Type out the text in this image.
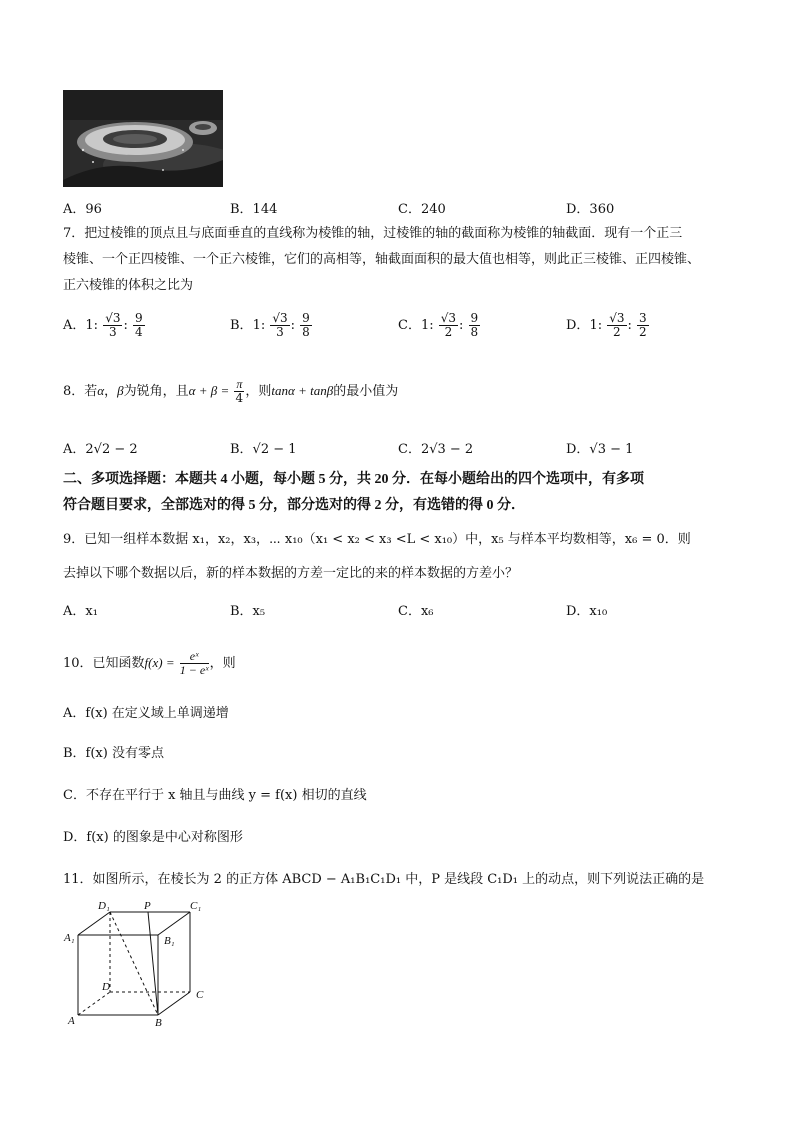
A．96	B．144	C．240	D．360
7．把过棱锥的顶点且与底面垂直的直线称为棱锥的轴，过棱锥的轴的截面称为棱锥的轴截面．现有一个正三
棱锥、一个正四棱锥、一个正六棱锥，它们的高相等，轴截面面积的最大值也相等，则此正三棱锥、正四棱锥、
正六棱锥的体积之比为
A．1: $\frac{√3}{3}$ : $\frac{9}{4}$	B．1: $\frac{√3}{3}$ : $\frac{9}{8}$	C．1: $\frac{√3}{2}$ : $\frac{9}{8}$	D．1: $\frac{√3}{2}$ : $\frac{3}{2}$
8．若α，β为锐角，且$\alpha + \beta = \frac{\pi}{4}$ ，则tanα + tanβ的最小值为
A．2√2 − 2	B．√2 − 1	C．2√3 − 2	D．√3 − 1
二、多项选择题：本题共 4 小题，每小题 5 分，共 20 分．在每小题给出的四个选项中，有多项
符合题目要求，全部选对的得 5 分，部分选对的得 2 分，有选错的得 0 分．
9．已知一组样本数据 x₁，x₂，x₃，⋯ x₁₀（x₁ < x₂ < x₃ <L < x₁₀）中，x₅ 与样本平均数相等，x₆ = 0．则
去掉以下哪个数据以后，新的样本数据的方差一定比的来的样本数据的方差小？
A．x₁	B．x₅	C．x₆	D．x₁₀
10．已知函数$f(x) = \frac{\text{eˣ}}{\text{1 − eˣ}}$ ，则
A．f(x) 在定义域上单调递增
B．f(x) 没有零点
C．不存在平行于 x 轴且与曲线 y = f(x) 相切的直线
D．f(x) 的图象是中心对称图形
11．如图所示，在棱长为 2 的正方体 ABCD − A₁B₁C₁D₁ 中，P 是线段 C₁D₁ 上的动点，则下列说法正确的是
D₁	P	C₁
A₁	B₁
D
C
A	B
